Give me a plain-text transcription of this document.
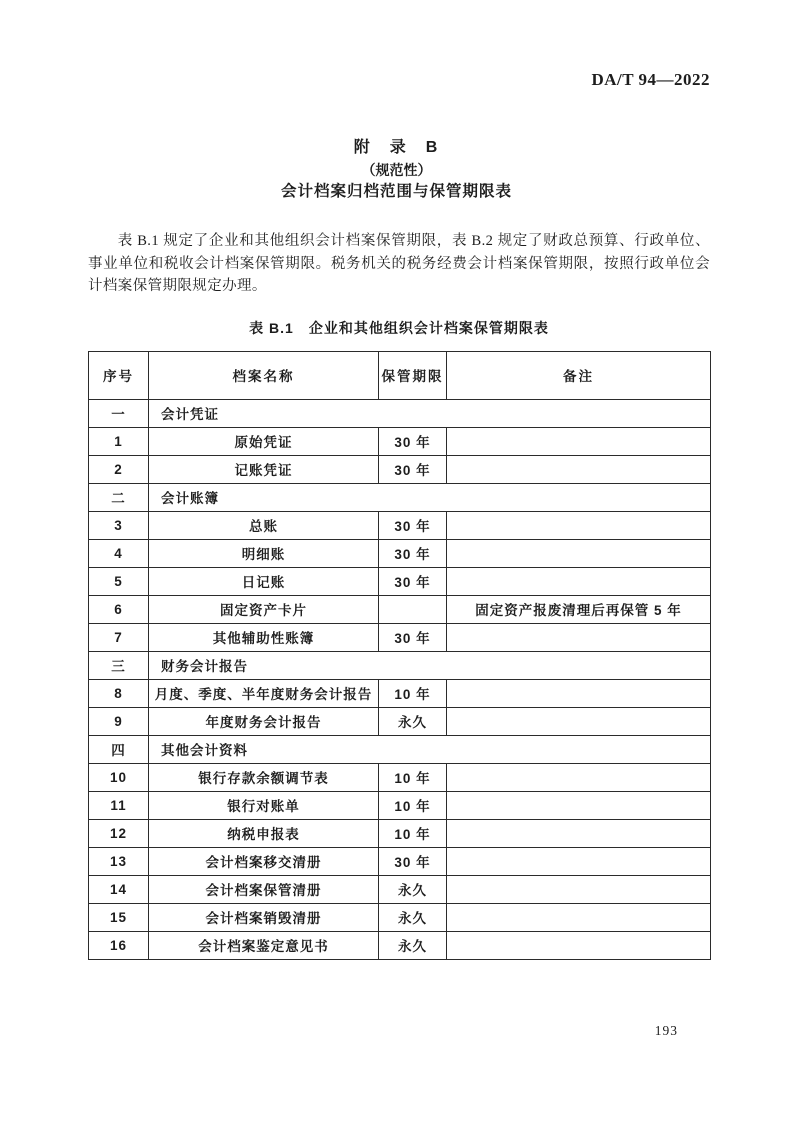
DA/T 94—2022
附　录　B
（规范性）
会计档案归档范围与保管期限表

表 B.1 规定了企业和其他组织会计档案保管期限，表 B.2 规定了财政总预算、行政单位、事业单位和税收会计档案保管期限。税务机关的税务经费会计档案保管期限，按照行政单位会计档案保管期限规定办理。

表 B.1　企业和其他组织会计档案保管期限表
序号	档案名称	保管期限	备注
一	会计凭证		
1	原始凭证	30 年	
2	记账凭证	30 年	
二	会计账簿		
3	总账	30 年	
4	明细账	30 年	
5	日记账	30 年	
6	固定资产卡片		固定资产报废清理后再保管 5 年
7	其他辅助性账簿	30 年	
三	财务会计报告		
8	月度、季度、半年度财务会计报告	10 年	
9	年度财务会计报告	永久	
四	其他会计资料		
10	银行存款余额调节表	10 年	
11	银行对账单	10 年	
12	纳税申报表	10 年	
13	会计档案移交清册	30 年	
14	会计档案保管清册	永久	
15	会计档案销毁清册	永久	
16	会计档案鉴定意见书	永久	
193
